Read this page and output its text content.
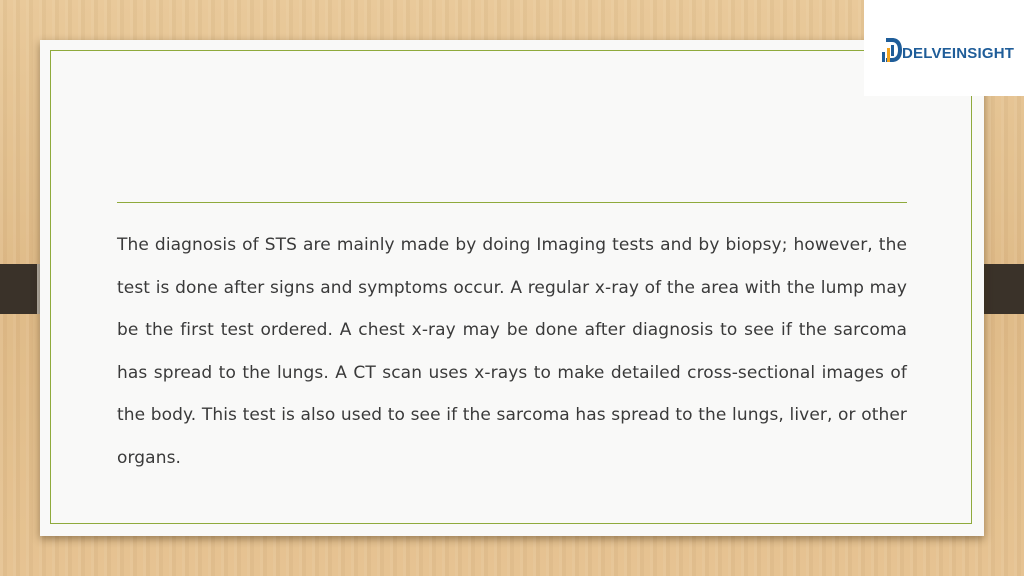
The diagnosis of STS are mainly made by doing Imaging tests and by biopsy; however, the test is done after signs and symptoms occur. A regular x-ray of the area with the lump may be the first test ordered. A chest x-ray may be done after diagnosis to see if the sarcoma has spread to the lungs. A CT scan uses x-rays to make detailed cross-sectional images of the body. This test is also used to see if the sarcoma has spread to the lungs, liver, or other organs.

DELVEINSIGHT
